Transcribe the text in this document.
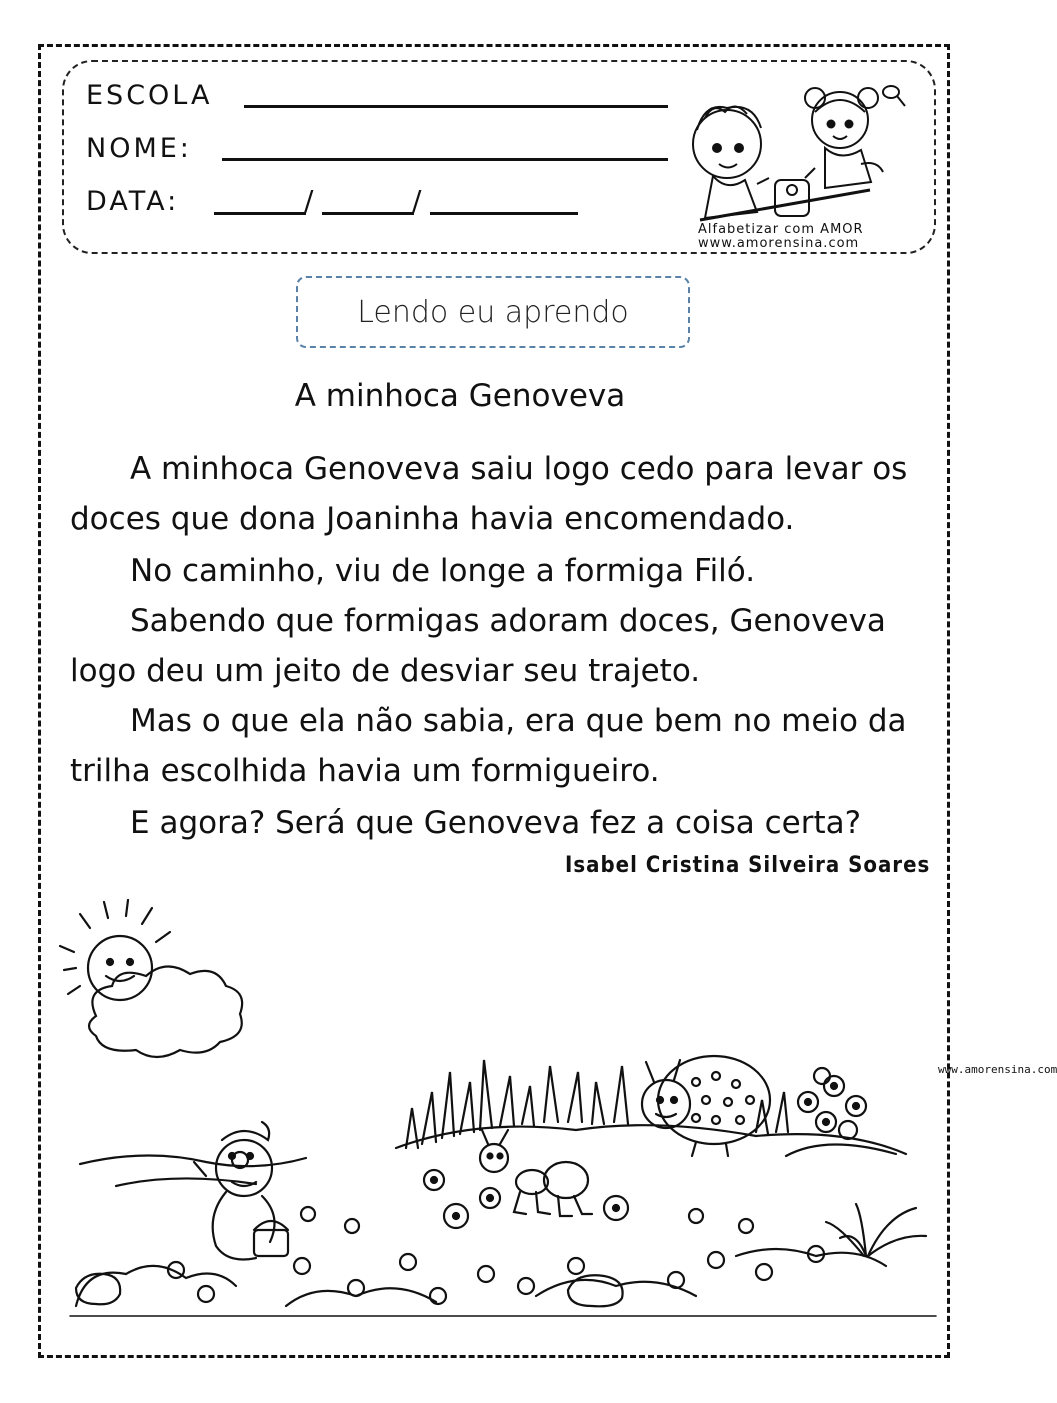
ESCOLA
NOME:
DATA:	/	/
Alfabetizar com AMOR
www.amorensina.com
Lendo eu aprendo
A minhoca Genoveva
A minhoca Genoveva saiu logo cedo para levar os doces que dona Joaninha havia encomendado.
No caminho, viu de longe a formiga Filó.
Sabendo que formigas adoram doces, Genoveva logo deu um jeito de desviar seu trajeto.
Mas o que ela não sabia, era que bem no meio da trilha escolhida havia um formigueiro.
E agora? Será que Genoveva fez a coisa certa?
Isabel Cristina Silveira Soares
www.amorensina.com
